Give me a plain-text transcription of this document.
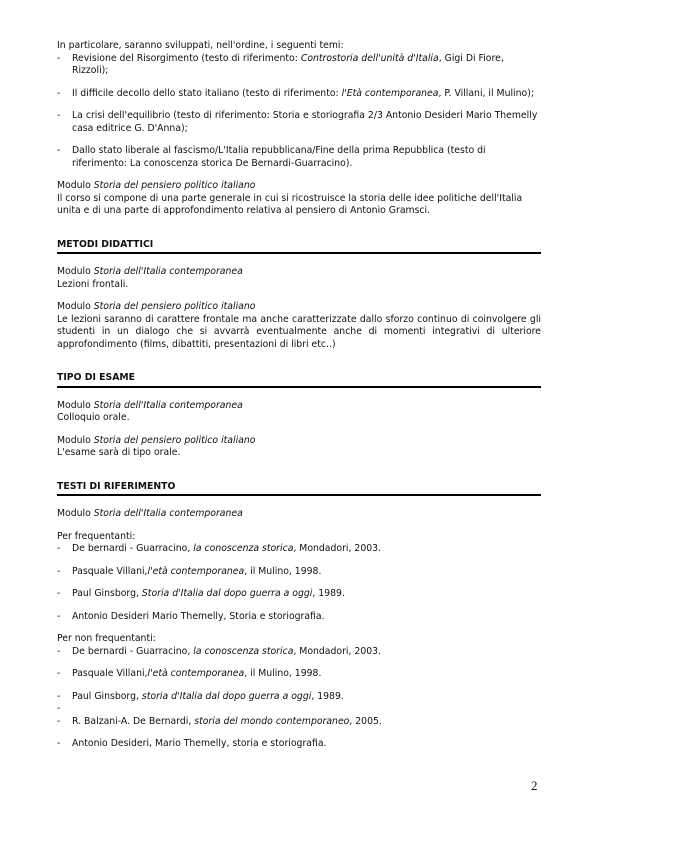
In particolare, saranno sviluppati, nell'ordine, i seguenti temi:

-	Revisione del Risorgimento (testo di riferimento: Controstoria dell'unità d'Italia, Gigi Di Fiore, Rizzoli);
-	Il difficile decollo dello stato italiano (testo di riferimento: l'Età contemporanea, P. Villani, il Mulino);
-	La crisi dell'equilibrio (testo di riferimento: Storia e storiografia 2/3 Antonio Desideri Mario Themelly casa editrice G. D'Anna);
-	Dallo stato liberale al fascismo/L'Italia repubblicana/Fine della prima Repubblica (testo di riferimento: La conoscenza storica De Bernardi-Guarracino).

Modulo Storia del pensiero politico italiano

Il corso si compone di una parte generale in cui si ricostruisce la storia delle idee politiche dell'Italia unita e di una parte di approfondimento relativa al pensiero di Antonio Gramsci.

METODI DIDATTICI

Modulo Storia dell'Italia contemporanea

Lezioni frontali.

Modulo Storia del pensiero politico italiano

Le lezioni saranno di carattere frontale ma anche caratterizzate dallo sforzo continuo di coinvolgere gli studenti in un dialogo che si avvarrà eventualmente anche di momenti integrativi di ulteriore approfondimento (films, dibattiti, presentazioni di libri etc..)

TIPO DI ESAME

Modulo Storia dell'Italia contemporanea

Colloquio orale.

Modulo Storia del pensiero politico italiano

L'esame sarà di tipo orale.

TESTI DI RIFERIMENTO

Modulo Storia dell'Italia contemporanea

Per frequentanti:

-	De bernardi - Guarracino, la conoscenza storica, Mondadori, 2003.
-	Pasquale Villani,l'età contemporanea, il Mulino, 1998.
-	Paul Ginsborg, Storia d'Italia dal dopo guerra a oggi, 1989.
-	Antonio Desideri Mario Themelly, Storia e storiografia.

Per non frequentanti:

-	De bernardi - Guarracino, la conoscenza storica, Mondadori, 2003.
-	Pasquale Villani,l'età contemporanea, il Mulino, 1998.
-	Paul Ginsborg, storia d'Italia dal dopo guerra a oggi, 1989.
-
-	R. Balzani-A. De Bernardi, storia del mondo contemporaneo, 2005.
-	Antonio Desideri, Mario Themelly, storia e storiografia.
2
